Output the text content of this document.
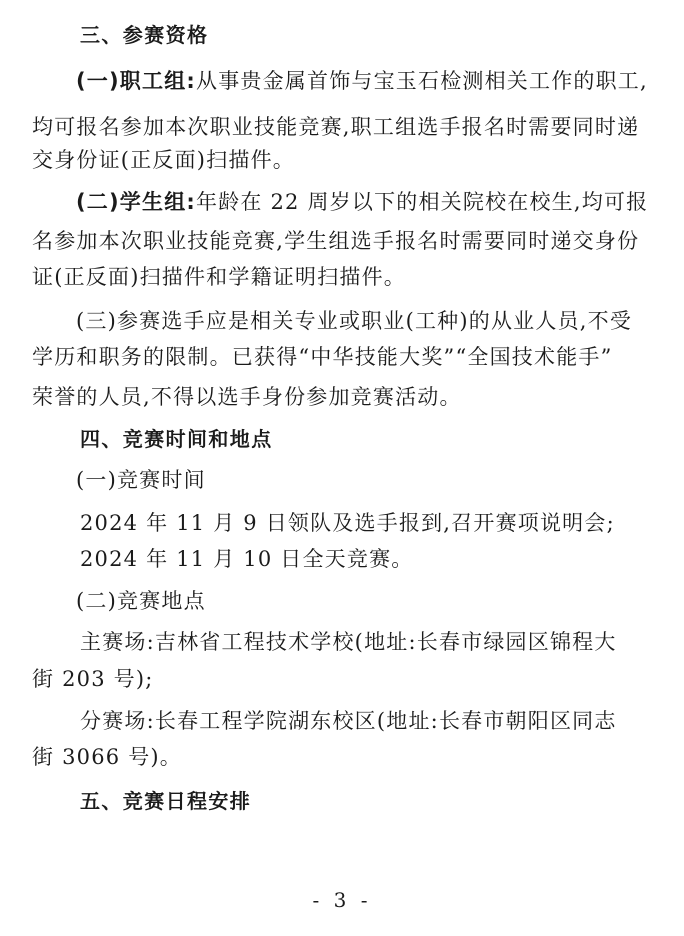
三、参赛资格
(一)职工组:从事贵金属首饰与宝玉石检测相关工作的职工,
均可报名参加本次职业技能竞赛,职工组选手报名时需要同时递
交身份证(正反面)扫描件。
(二)学生组:年龄在 22 周岁以下的相关院校在校生,均可报
名参加本次职业技能竞赛,学生组选手报名时需要同时递交身份
证(正反面)扫描件和学籍证明扫描件。
(三)参赛选手应是相关专业或职业(工种)的从业人员,不受
学历和职务的限制。已获得“中华技能大奖”“全国技术能手”
荣誉的人员,不得以选手身份参加竞赛活动。
四、竞赛时间和地点
(一)竞赛时间
2024 年 11 月 9 日领队及选手报到,召开赛项说明会;
2024 年 11 月 10 日全天竞赛。
(二)竞赛地点
主赛场:吉林省工程技术学校(地址:长春市绿园区锦程大
街 203 号);
分赛场:长春工程学院湖东校区(地址:长春市朝阳区同志
街 3066 号)。
五、竞赛日程安排
- 3 -
